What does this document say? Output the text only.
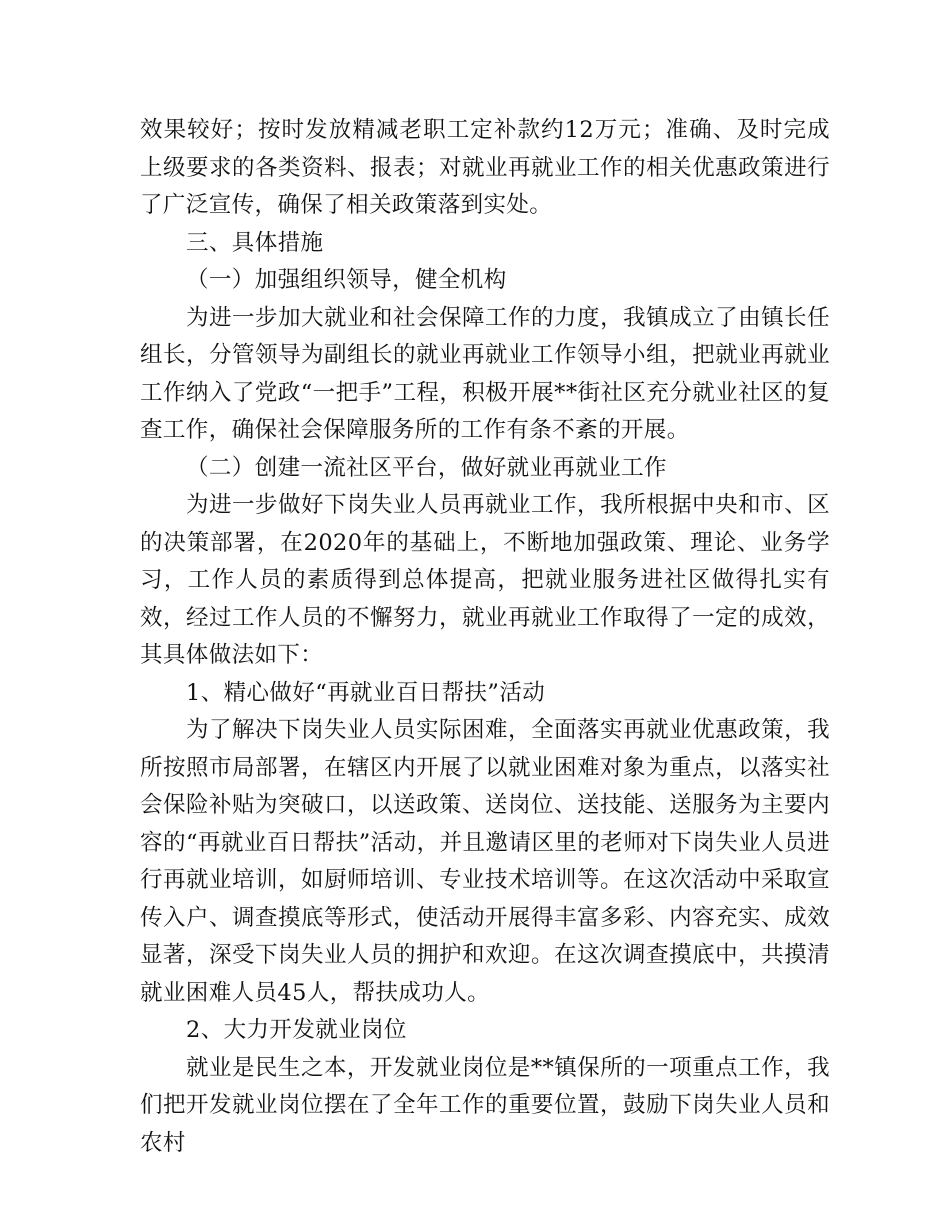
效果较好；按时发放精减老职工定补款约12万元；准确、及时完成上级要求的各类资料、报表；对就业再就业工作的相关优惠政策进行了广泛宣传，确保了相关政策落到实处。

三、具体措施

（一）加强组织领导，健全机构

为进一步加大就业和社会保障工作的力度，我镇成立了由镇长任组长，分管领导为副组长的就业再就业工作领导小组，把就业再就业工作纳入了党政“一把手”工程，积极开展**街社区充分就业社区的复查工作，确保社会保障服务所的工作有条不紊的开展。

（二）创建一流社区平台，做好就业再就业工作

为进一步做好下岗失业人员再就业工作，我所根据中央和市、区的决策部署，在2020年的基础上，不断地加强政策、理论、业务学习，工作人员的素质得到总体提高，把就业服务进社区做得扎实有效，经过工作人员的不懈努力，就业再就业工作取得了一定的成效，其具体做法如下：

1、精心做好“再就业百日帮扶”活动

为了解决下岗失业人员实际困难，全面落实再就业优惠政策，我所按照市局部署，在辖区内开展了以就业困难对象为重点，以落实社会保险补贴为突破口，以送政策、送岗位、送技能、送服务为主要内容的“再就业百日帮扶”活动，并且邀请区里的老师对下岗失业人员进行再就业培训，如厨师培训、专业技术培训等。在这次活动中采取宣传入户、调查摸底等形式，使活动开展得丰富多彩、内容充实、成效显著，深受下岗失业人员的拥护和欢迎。在这次调查摸底中，共摸清就业困难人员45人，帮扶成功人。

2、大力开发就业岗位

就业是民生之本，开发就业岗位是**镇保所的一项重点工作，我们把开发就业岗位摆在了全年工作的重要位置，鼓励下岗失业人员和农村
